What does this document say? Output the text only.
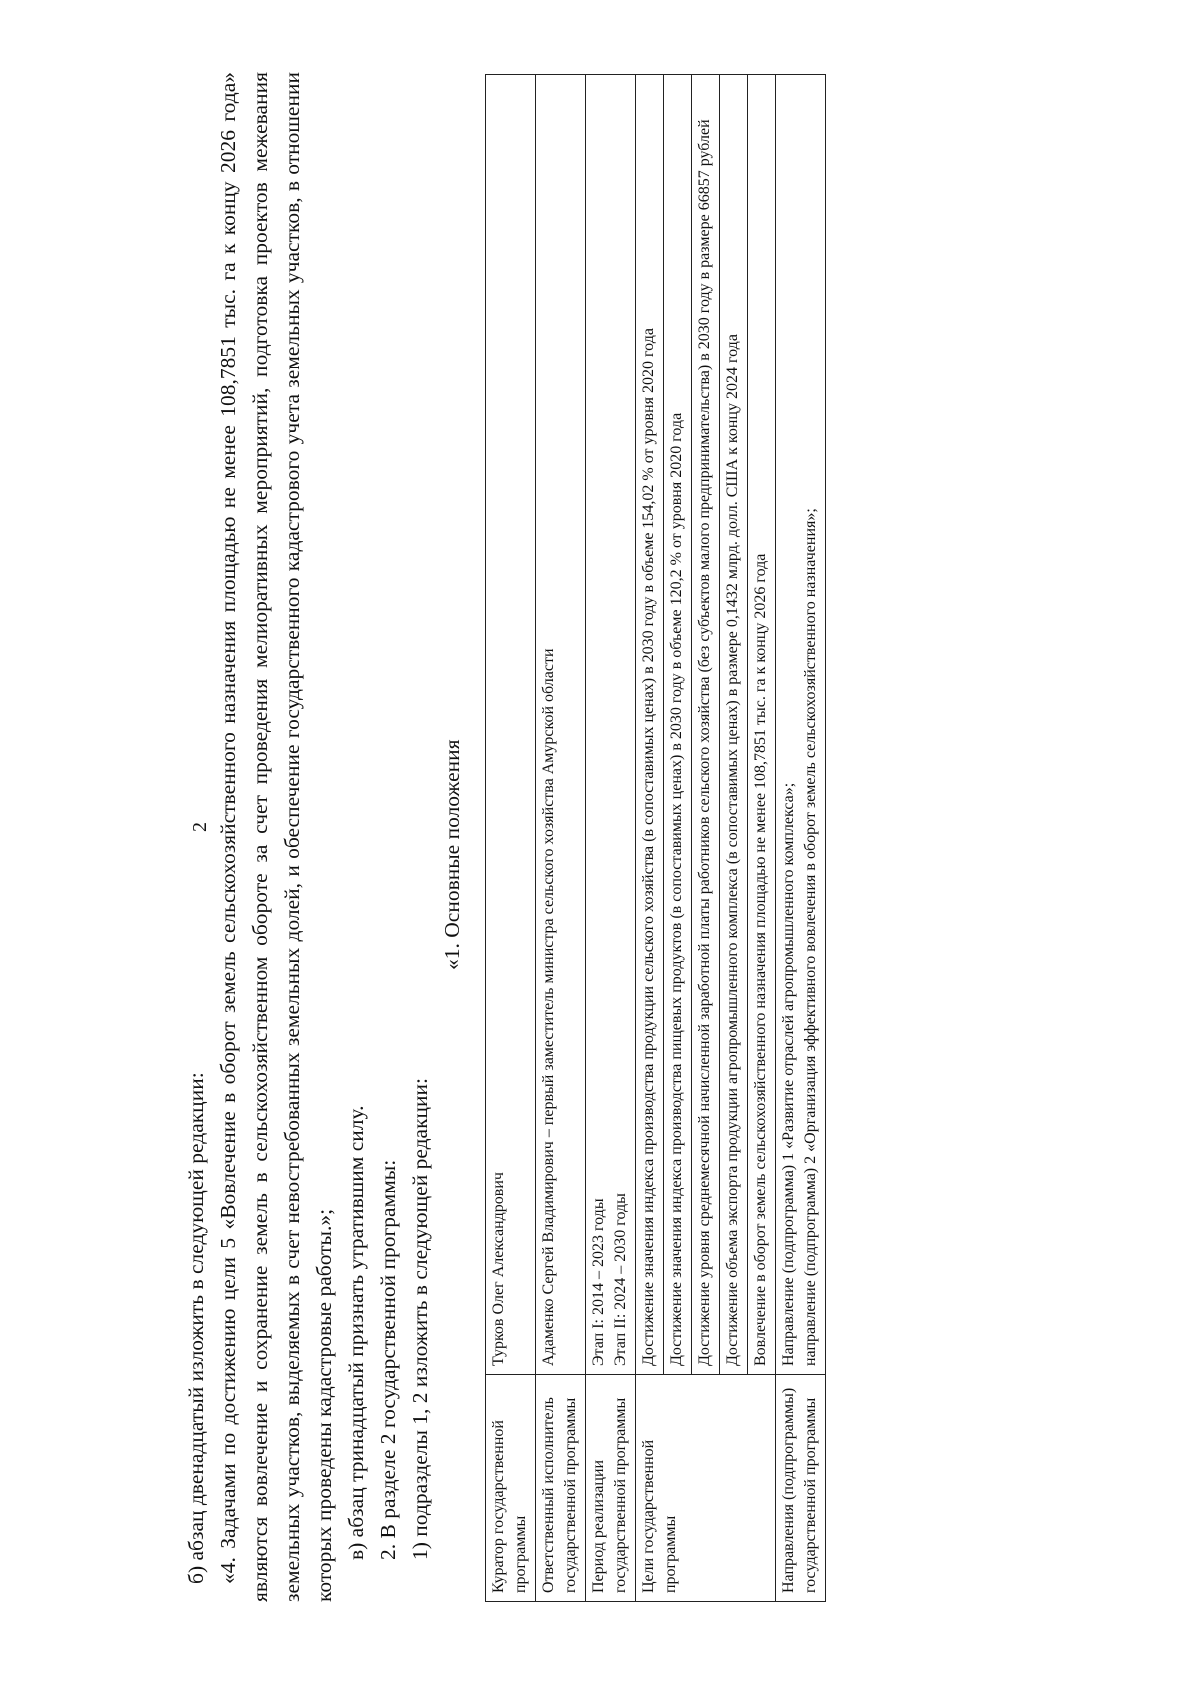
2

б) абзац двенадцатый изложить в следующей редакции: «4. Задачами по достижению цели 5 «Вовлечение в оборот земель сельскохозяйственного назначения площадью не менее 108,7851 тыс. га к концу 2026 года» являются вовлечение и сохранение земель в сельскохозяйственном обороте за счет проведения мелиоративных мероприятий, подготовка проектов межевания земельных участков, выделяемых в счет невостребованных земельных долей, и обеспечение государственного кадастрового учета земельных участков, в отношении которых проведены кадастровые работы.»; в) абзац тринадцатый признать утратившим силу. 2. В разделе 2 государственной программы: 1) подразделы 1, 2 изложить в следующей редакции:

«1. Основные положения

Куратор государственной программы	Турков Олег Александрович
Ответственный исполнитель государственной программы	Адаменко Сергей Владимирович – первый заместитель министра сельского хозяйства Амурской области
Период реализации государственной программы	Этап I: 2014 – 2023 годы Этап II: 2024 – 2030 годы

Цели государственной программы	Достижение значения индекса производства продукции сельского хозяйства (в сопоставимых ценах) в 2030 году в объеме 154,02 % от уровня 2020 года
	Достижение значения индекса производства пищевых продуктов (в сопоставимых ценах) в 2030 году в объеме 120,2 % от уровня 2020 года
	Достижение уровня среднемесячной начисленной заработной платы работников сельского хозяйства (без субъектов малого предпринимательства) в 2030 году в размере 66857 рублей
	Достижение объема экспорта продукции агропромышленного комплекса (в сопоставимых ценах) в размере 0,1432 млрд. долл. США к концу 2024 года
	Вовлечение в оборот земель сельскохозяйственного назначения площадью не менее 108,7851 тыс. га к концу 2026 года
Направления (подпрограммы) государственной программы	Направление (подпрограмма) 1 «Развитие отраслей агропромышленного комплекса»; направление (подпрограмма) 2 «Организация эффективного вовлечения в оборот земель сельскохозяйственного назначения»;
